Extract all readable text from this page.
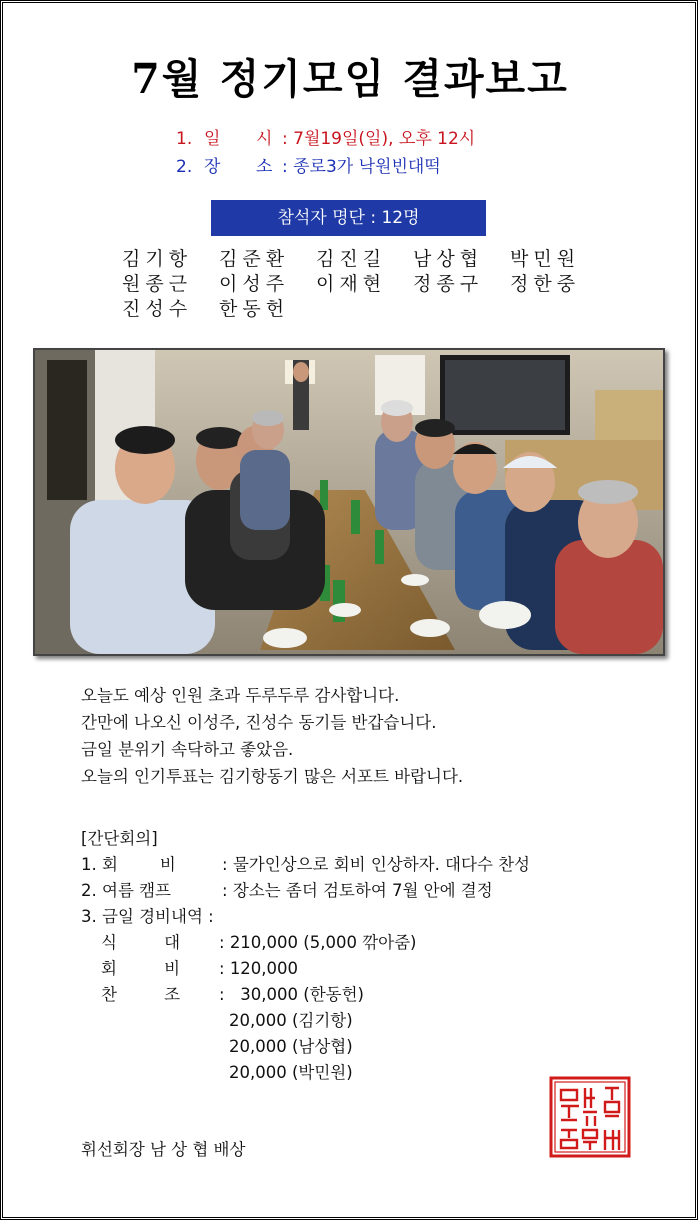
7월 정기모임 결과보고
1. 일 시 : 7월19일(일), 오후 12시
2. 장 소 : 종로3가 낙원빈대떡
참석자 명단 : 12명
김기항 김준환 김진길 남상협 박민원
원종근 이성주 이재현 정종구 정한중
진성수 한동헌
오늘도 예상 인원 초과 두루두루 감사합니다.
간만에 나오신 이성주, 진성수 동기들 반갑습니다.
금일 분위기 속닥하고 좋았음.
오늘의 인기투표는 김기항동기 많은 서포트 바랍니다.
[간단회의]
1. 회	비	: 물가인상으로 회비 인상하자. 대다수 찬성
2. 여름 캠프	: 장소는 좀더 검토하여 7월 안에 결정
3. 금일 경비내역 :
식	대 : 210,000 (5,000 깎아줌)
회	비 : 120,000
찬	조 :   30,000 (한동헌)
20,000 (김기항)
20,000 (남상협)
20,000 (박민원)
휘선회장 남 상 협 배상
